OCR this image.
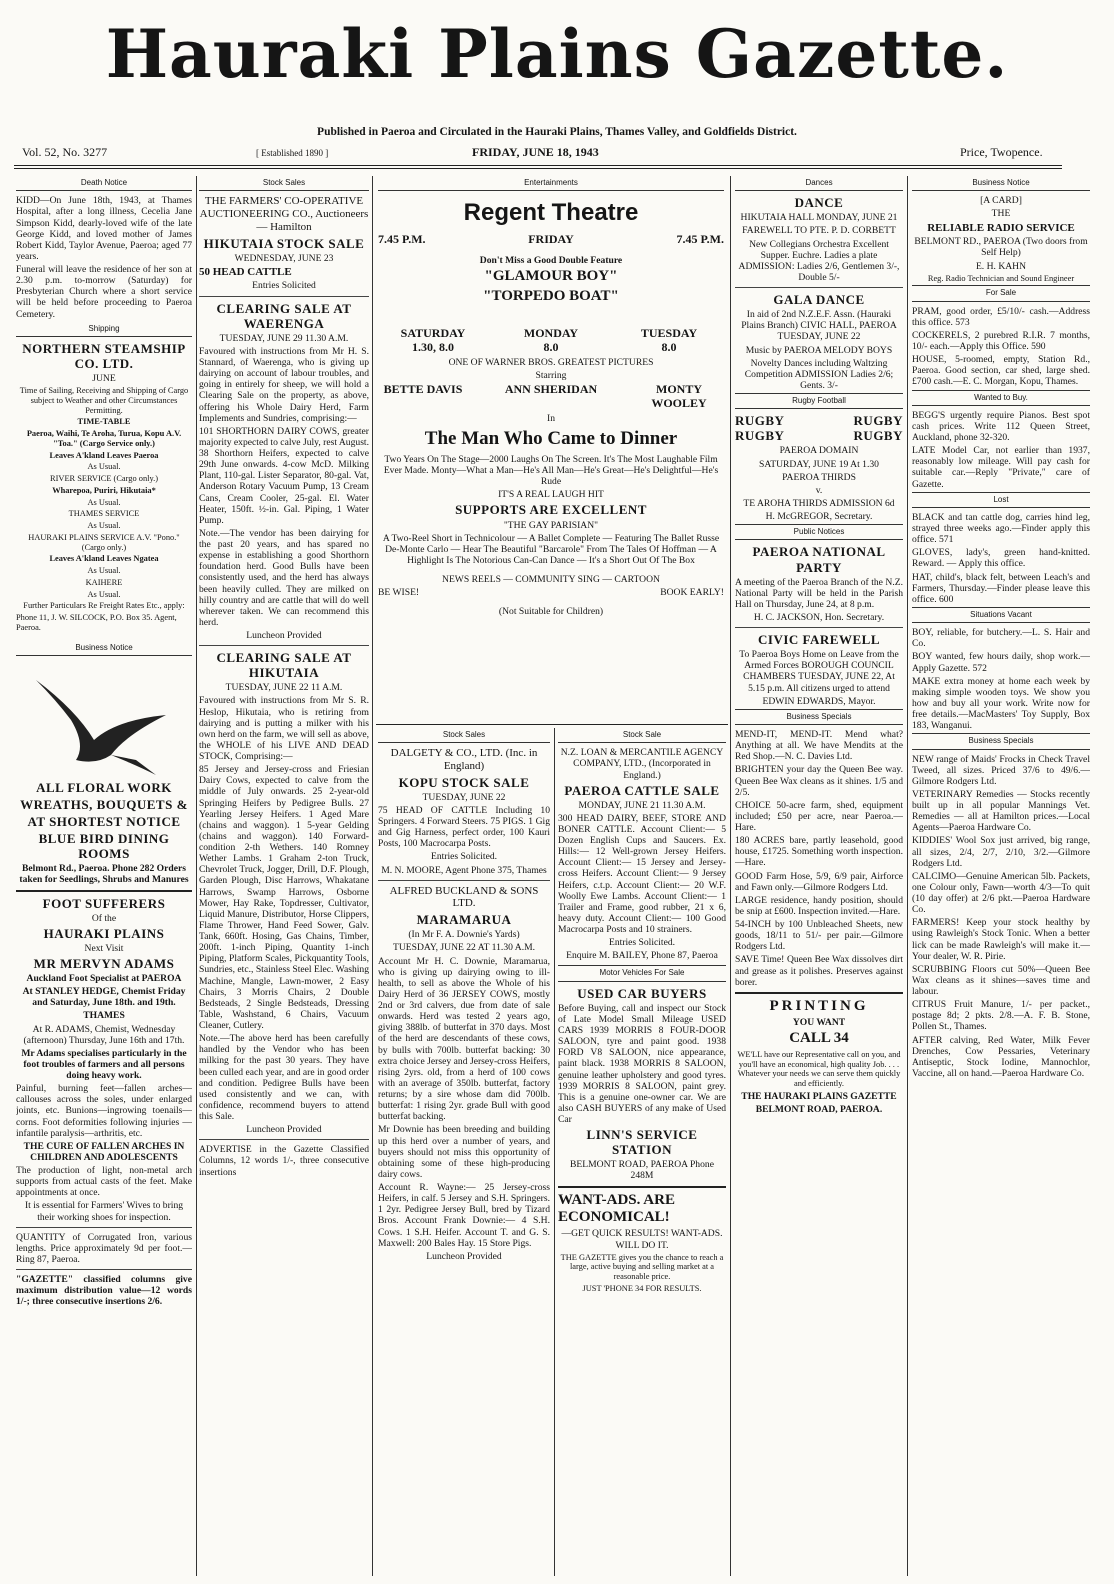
Hauraki Plains Gazette.
Published in Paeroa and Circulated in the Hauraki Plains, Thames Valley, and Goldfields District.
Vol. 52, No. 3277	[ Established 1890 ]	FRIDAY, JUNE 18, 1943	Price, Twopence.
Death Notice

KIDD—On June 18th, 1943, at Thames Hospital, after a long illness, Cecelia Jane Simpson Kidd, dearly-loved wife of the late George Kidd, and loved mother of James Robert Kidd, Taylor Avenue, Paeroa; aged 77 years.

Funeral will leave the residence of her son at 2.30 p.m. to-morrow (Saturday) for Presbyterian Church where a short service will be held before proceeding to Paeroa Cemetery.

Shipping

NORTHERN STEAMSHIP CO. LTD.

JUNE

Time of Sailing, Receiving and Shipping of Cargo subject to Weather and other Circumstances Permitting.

TIME-TABLE

Paeroa, Waihi, Te Aroha, Turua, Kopu A.V. "Toa." (Cargo Service only.)

Leaves A'kland Leaves Paeroa

As Usual.

RIVER SERVICE (Cargo only.)

Wharepoa, Puriri, Hikutaia*

As Usual.

THAMES SERVICE

As Usual.

HAURAKI PLAINS SERVICE A.V. "Pono." (Cargo only.)

Leaves A'kland Leaves Ngatea

As Usual.

KAIHERE

As Usual.

Further Particulars Re Freight Rates Etc., apply:

Phone 11, J. W. SILCOCK, P.O. Box 35. Agent, Paeroa.

Business Notice

ALL FLORAL WORK

WREATHS, BOUQUETS &

AT SHORTEST NOTICE

BLUE BIRD DINING ROOMS

Belmont Rd., Paeroa. Phone 282 Orders taken for Seedlings, Shrubs and Manures

FOOT SUFFERERS

Of the

HAURAKI PLAINS

Next Visit

MR MERVYN ADAMS

Auckland Foot Specialist at PAEROA

At STANLEY HEDGE, Chemist Friday and Saturday, June 18th. and 19th.

THAMES

At R. ADAMS, Chemist, Wednesday (afternoon) Thursday, June 16th and 17th.

Mr Adams specialises particularly in the foot troubles of farmers and all persons doing heavy work.

Painful, burning feet—fallen arches—callouses across the soles, under enlarged joints, etc. Bunions—ingrowing toenails—corns. Foot deformities following injuries — infantile paralysis—arthritis, etc.

THE CURE OF FALLEN ARCHES IN CHILDREN AND ADOLESCENTS

The production of light, non-metal arch supports from actual casts of the feet. Make appointments at once.

It is essential for Farmers' Wives to bring their working shoes for inspection.

QUANTITY of Corrugated Iron, various lengths. Price approximately 9d per foot.—Ring 87, Paeroa.

"GAZETTE" classified columns give maximum distribution value—12 words 1/-; three consecutive insertions 2/6.

Stock Sales

THE FARMERS' CO-OPERATIVE AUCTIONEERING CO., Auctioneers — Hamilton

HIKUTAIA STOCK SALE

WEDNESDAY, JUNE 23

50 HEAD CATTLE

Entries Solicited

CLEARING SALE AT WAERENGA

TUESDAY, JUNE 29 11.30 A.M.

Favoured with instructions from Mr H. S. Stannard, of Waerenga, who is giving up dairying on account of labour troubles, and going in entirely for sheep, we will hold a Clearing Sale on the property, as above, offering his Whole Dairy Herd, Farm Implements and Sundries, comprising:—

101 SHORTHORN DAIRY COWS, greater majority expected to calve July, rest August. 38 Shorthorn Heifers, expected to calve 29th June onwards. 4-cow McD. Milking Plant, 110-gal. Lister Separator, 80-gal. Vat, Anderson Rotary Vacuum Pump, 13 Cream Cans, Cream Cooler, 25-gal. El. Water Heater, 150ft. ½-in. Gal. Piping, 1 Water Pump.

Note.—The vendor has been dairying for the past 20 years, and has spared no expense in establishing a good Shorthorn foundation herd. Good Bulls have been consistently used, and the herd has always been heavily culled. They are milked on hilly country and are cattle that will do well wherever taken. We can recommend this herd.

Luncheon Provided

CLEARING SALE AT HIKUTAIA

TUESDAY, JUNE 22 11 A.M.

Favoured with instructions from Mr S. R. Heslop, Hikutaia, who is retiring from dairying and is putting a milker with his own herd on the farm, we will sell as above, the WHOLE of his LIVE AND DEAD STOCK, Comprising:—

85 Jersey and Jersey-cross and Friesian Dairy Cows, expected to calve from the middle of July onwards. 25 2-year-old Springing Heifers by Pedigree Bulls. 27 Yearling Jersey Heifers. 1 Aged Mare (chains and waggon). 1 5-year Gelding (chains and waggon). 140 Forward-condition 2-th Wethers. 140 Romney Wether Lambs. 1 Graham 2-ton Truck, Chevrolet Truck, Jogger, Drill, D.F. Plough, Garden Plough, Disc Harrows, Whakatane Harrows, Swamp Harrows, Osborne Mower, Hay Rake, Topdresser, Cultivator, Liquid Manure, Distributor, Horse Clippers, Flame Thrower, Hand Feed Sower, Galv. Tank, 660ft. Hosing, Gas Chains, Timber, 200ft. 1-inch Piping, Quantity 1-inch Piping, Platform Scales, Pickquantity Tools, Sundries, etc., Stainless Steel Elec. Washing Machine, Mangle, Lawn-mower, 2 Easy Chairs, 3 Morris Chairs, 2 Double Bedsteads, 2 Single Bedsteads, Dressing Table, Washstand, 6 Chairs, Vacuum Cleaner, Cutlery.

Note.—The above herd has been carefully handled by the Vendor who has been milking for the past 30 years. They have been culled each year, and are in good order and condition. Pedigree Bulls have been used consistently and we can, with confidence, recommend buyers to attend this Sale.

Luncheon Provided

ADVERTISE in the Gazette Classified Columns, 12 words 1/-, three consecutive insertions

Entertainments
Regent Theatre
7.45 P.M.	FRIDAY	7.45 P.M.

Don't Miss a Good Double Feature

"GLAMOUR BOY"

"TORPEDO BOAT"

SATURDAY
1.30, 8.0
MONDAY
8.0
TUESDAY
8.0

ONE OF WARNER BROS. GREATEST PICTURES

Starring

BETTE DAVIS	ANN SHERIDAN	MONTY WOOLEY

In

The Man Who Came to Dinner

Two Years On The Stage—2000 Laughs On The Screen. It's The Most Laughable Film Ever Made. Monty—What a Man—He's All Man—He's Great—He's Delightful—He's Rude

IT'S A REAL LAUGH HIT

SUPPORTS ARE EXCELLENT

"THE GAY PARISIAN"

A Two-Reel Short in Technicolour — A Ballet Complete — Featuring The Ballet Russe De-Monte Carlo — Hear The Beautiful "Barcarole" From The Tales Of Hoffman — A Highlight Is The Notorious Can-Can Dance — It's a Short Out Of The Box

NEWS REELS — COMMUNITY SING — CARTOON

BE WISE!	BOOK EARLY!

(Not Suitable for Children)

Stock Sales

DALGETY & CO., LTD. (Inc. in England)

KOPU STOCK SALE

TUESDAY, JUNE 22

75 HEAD OF CATTLE Including 10 Springers. 4 Forward Steers. 75 PIGS. 1 Gig and Gig Harness, perfect order, 100 Kauri Posts, 100 Macrocarpa Posts.

Entries Solicited.

M. N. MOORE, Agent Phone 375, Thames

ALFRED BUCKLAND & SONS LTD.

MARAMARUA

(In Mr F. A. Downie's Yards)

TUESDAY, JUNE 22 AT 11.30 A.M.

Account Mr H. C. Downie, Maramarua, who is giving up dairying owing to ill-health, to sell as above the Whole of his Dairy Herd of 36 JERSEY COWS, mostly 2nd or 3rd calvers, due from date of sale onwards. Herd was tested 2 years ago, giving 388lb. of butterfat in 370 days. Most of the herd are descendants of these cows, by bulls with 700lb. butterfat backing: 30 extra choice Jersey and Jersey-cross Heifers, rising 2yrs. old, from a herd of 100 cows with an average of 350lb. butterfat, factory returns; by a sire whose dam did 700lb. butterfat: 1 rising 2yr. grade Bull with good butterfat backing.

Mr Downie has been breeding and building up this herd over a number of years, and buyers should not miss this opportunity of obtaining some of these high-producing dairy cows.

Account R. Wayne:— 25 Jersey-cross Heifers, in calf. 5 Jersey and S.H. Springers. 1 2yr. Pedigree Jersey Bull, bred by Tizard Bros. Account Frank Downie:— 4 S.H. Cows. 1 S.H. Heifer. Account T. and G. S. Maxwell: 200 Bales Hay. 15 Store Pigs.

Luncheon Provided

Stock Sale

N.Z. LOAN & MERCANTILE AGENCY COMPANY, LTD., (Incorporated in England.)

PAEROA CATTLE SALE

MONDAY, JUNE 21 11.30 A.M.

300 HEAD DAIRY, BEEF, STORE AND BONER CATTLE. Account Client:— 5 Dozen English Cups and Saucers. Ex. Hills:— 12 Well-grown Jersey Heifers. Account Client:— 15 Jersey and Jersey-cross Heifers. Account Client:— 9 Jersey Heifers, c.t.p. Account Client:— 20 W.F. Woolly Ewe Lambs. Account Client:— 1 Trailer and Frame, good rubber, 21 x 6, heavy duty. Account Client:— 100 Good Macrocarpa Posts and 10 strainers.

Entries Solicited.

Enquire M. BAILEY, Phone 87, Paeroa

Motor Vehicles For Sale

USED CAR BUYERS

Before Buying, call and inspect our Stock of Late Model Small Mileage USED CARS 1939 MORRIS 8 FOUR-DOOR SALOON, tyre and paint good. 1938 FORD V8 SALOON, nice appearance, paint black. 1938 MORRIS 8 SALOON, genuine leather upholstery and good tyres. 1939 MORRIS 8 SALOON, paint grey. This is a genuine one-owner car. We are also CASH BUYERS of any make of Used Car

LINN'S SERVICE STATION

BELMONT ROAD, PAEROA Phone 248M

WANT-ADS. ARE ECONOMICAL!

—GET QUICK RESULTS! WANT-ADS. WILL DO IT.

THE GAZETTE gives you the chance to reach a large, active buying and selling market at a reasonable price.

JUST 'PHONE 34 FOR RESULTS.

Dances

DANCE

HIKUTAIA HALL MONDAY, JUNE 21

FAREWELL TO PTE. P. D. CORBETT

New Collegians Orchestra Excellent Supper. Euchre. Ladies a plate ADMISSION: Ladies 2/6, Gentlemen 3/-, Double 5/-

GALA DANCE

In aid of 2nd N.Z.E.F. Assn. (Hauraki Plains Branch) CIVIC HALL, PAEROA TUESDAY, JUNE 22

Music by PAEROA MELODY BOYS

Novelty Dances including Waltzing Competition ADMISSION Ladies 2/6; Gents. 3/-

Rugby Football
RUGBY	RUGBY
RUGBY	RUGBY

PAEROA DOMAIN

SATURDAY, JUNE 19 At 1.30

PAEROA THIRDS

v.

TE AROHA THIRDS ADMISSION 6d

H. McGREGOR, Secretary.

Public Notices

PAEROA NATIONAL PARTY

A meeting of the Paeroa Branch of the N.Z. National Party will be held in the Parish Hall on Thursday, June 24, at 8 p.m.

H. C. JACKSON, Hon. Secretary.

CIVIC FAREWELL

To Paeroa Boys Home on Leave from the Armed Forces BOROUGH COUNCIL CHAMBERS TUESDAY, JUNE 22, At 5.15 p.m. All citizens urged to attend

EDWIN EDWARDS, Mayor.

Business Specials

MEND-IT, MEND-IT. Mend what? Anything at all. We have Mendits at the Red Shop.—N. C. Davies Ltd.

BRIGHTEN your day the Queen Bee way. Queen Bee Wax cleans as it shines. 1/5 and 2/5.

CHOICE 50-acre farm, shed, equipment included; £50 per acre, near Paeroa.—Hare.

180 ACRES bare, partly leasehold, good house, £1725. Something worth inspection.—Hare.

GOOD Farm Hose, 5/9, 6/9 pair, Airforce and Fawn only.—Gilmore Rodgers Ltd.

LARGE residence, handy position, should be snip at £600. Inspection invited.—Hare.

54-INCH by 100 Unbleached Sheets, new goods, 18/11 to 51/- per pair.—Gilmore Rodgers Ltd.

SAVE Time! Queen Bee Wax dissolves dirt and grease as it polishes. Preserves against borer.

PRINTING

YOU WANT

CALL 34

WE'LL have our Representative call on you, and you'll have an economical, high quality Job. . . . Whatever your needs we can serve them quickly and efficiently.

THE HAURAKI PLAINS GAZETTE

BELMONT ROAD, PAEROA.

Business Notice

[A CARD]

THE

RELIABLE RADIO SERVICE

BELMONT RD., PAEROA (Two doors from Self Help)

E. H. KAHN

Reg. Radio Technician and Sound Engineer

For Sale

PRAM, good order, £5/10/- cash.—Address this office. 573

COCKERELS, 2 purebred R.I.R. 7 months, 10/- each.—Apply this Office. 590

HOUSE, 5-roomed, empty, Station Rd., Paeroa. Good section, car shed, large shed. £700 cash.—E. C. Morgan, Kopu, Thames.

Wanted to Buy.

BEGG'S urgently require Pianos. Best spot cash prices. Write 112 Queen Street, Auckland, phone 32-320.

LATE Model Car, not earlier than 1937, reasonably low mileage. Will pay cash for suitable car.—Reply "Private," care of Gazette.

Lost

BLACK and tan cattle dog, carries hind leg, strayed three weeks ago.—Finder apply this office. 571

GLOVES, lady's, green hand-knitted. Reward. — Apply this office.

HAT, child's, black felt, between Leach's and Farmers, Thursday.—Finder please leave this office. 600

Situations Vacant

BOY, reliable, for butchery.—L. S. Hair and Co.

BOY wanted, few hours daily, shop work.—Apply Gazette. 572

MAKE extra money at home each week by making simple wooden toys. We show you how and buy all your work. Write now for free details.—MacMasters' Toy Supply, Box 183, Wanganui.

Business Specials

NEW range of Maids' Frocks in Check Travel Tweed, all sizes. Priced 37/6 to 49/6.—Gilmore Rodgers Ltd.

VETERINARY Remedies — Stocks recently built up in all popular Mannings Vet. Remedies — all at Hamilton prices.—Local Agents—Paeroa Hardware Co.

KIDDIES' Wool Sox just arrived, big range, all sizes, 2/4, 2/7, 2/10, 3/2.—Gilmore Rodgers Ltd.

CALCIMO—Genuine American 5lb. Packets, one Colour only, Fawn—worth 4/3—To quit (10 day offer) at 2/6 pkt.—Paeroa Hardware Co.

FARMERS! Keep your stock healthy by using Rawleigh's Stock Tonic. When a better lick can be made Rawleigh's will make it.—Your dealer, W. R. Pirie.

SCRUBBING Floors cut 50%—Queen Bee Wax cleans as it shines—saves time and labour.

CITRUS Fruit Manure, 1/- per packet., postage 8d; 2 pkts. 2/8.—A. F. B. Stone, Pollen St., Thames.

AFTER calving, Red Water, Milk Fever Drenches, Cow Pessaries, Veterinary Antiseptic, Stock Iodine, Mannochlor, Vaccine, all on hand.—Paeroa Hardware Co.
